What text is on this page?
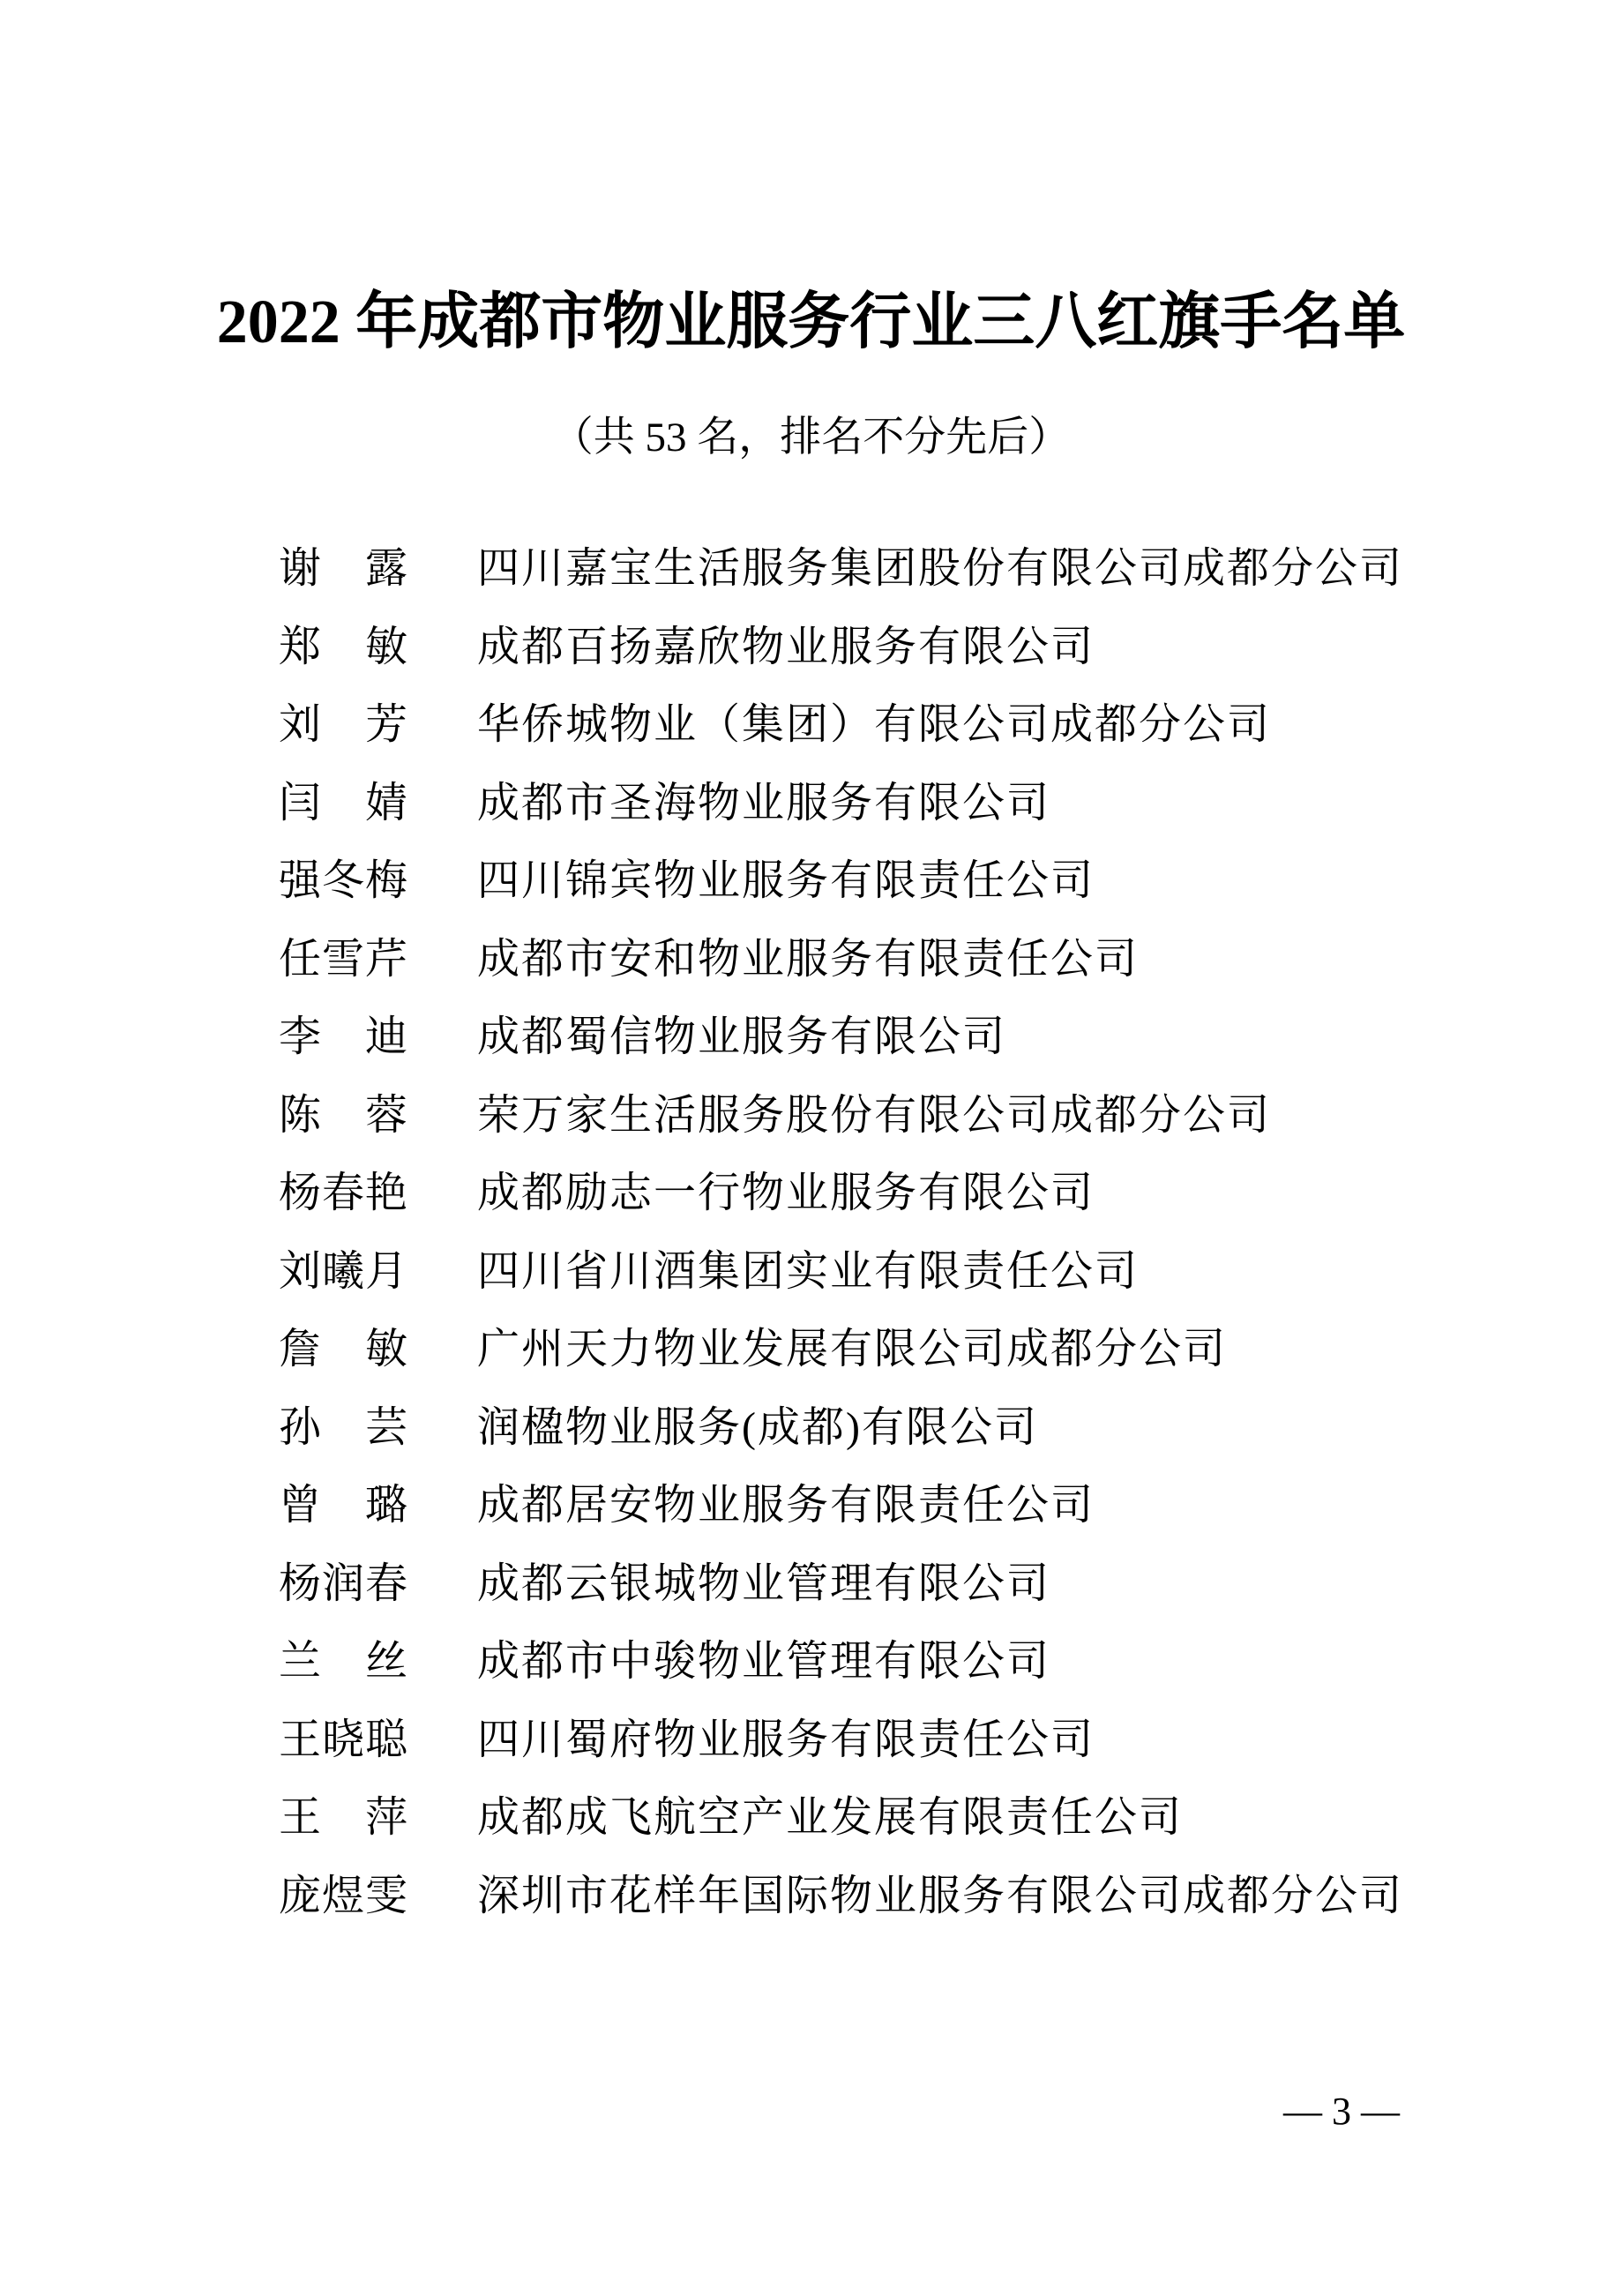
2022 年成都市物业服务行业三八红旗手名单
（共 53 名，排名不分先后）
谢 露 四川嘉宝生活服务集团股份有限公司成都分公司
郑 敏 成都百扬嘉欣物业服务有限公司
刘 芳 华侨城物业（集团）有限公司成都分公司
闫 婧 成都市圣海物业服务有限公司
强 冬 梅 四川锦宾物业服务有限责任公司
任 雪 芹 成都市安和物业服务有限责任公司
李 迪 成都蜀信物业服务有限公司
陈 蓉 荣万家生活服务股份有限公司成都分公司
杨 春 艳 成都励志一行物业服务有限公司
刘 曦 月 四川省川酒集团实业有限责任公司
詹 敏 广州天力物业发展有限公司成都分公司
孙 芸 润楹物业服务(成都)有限公司
曾 璐 成都居安物业服务有限责任公司
杨 润 春 成都云银城物业管理有限公司
兰 丝 成都市中骏物业管理有限公司
王 晓 聪 四川蜀府物业服务有限责任公司
王 萍 成都成飞航空产业发展有限责任公司
庞 煜 雯 深圳市花样年国际物业服务有限公司成都分公司
— 3 —
